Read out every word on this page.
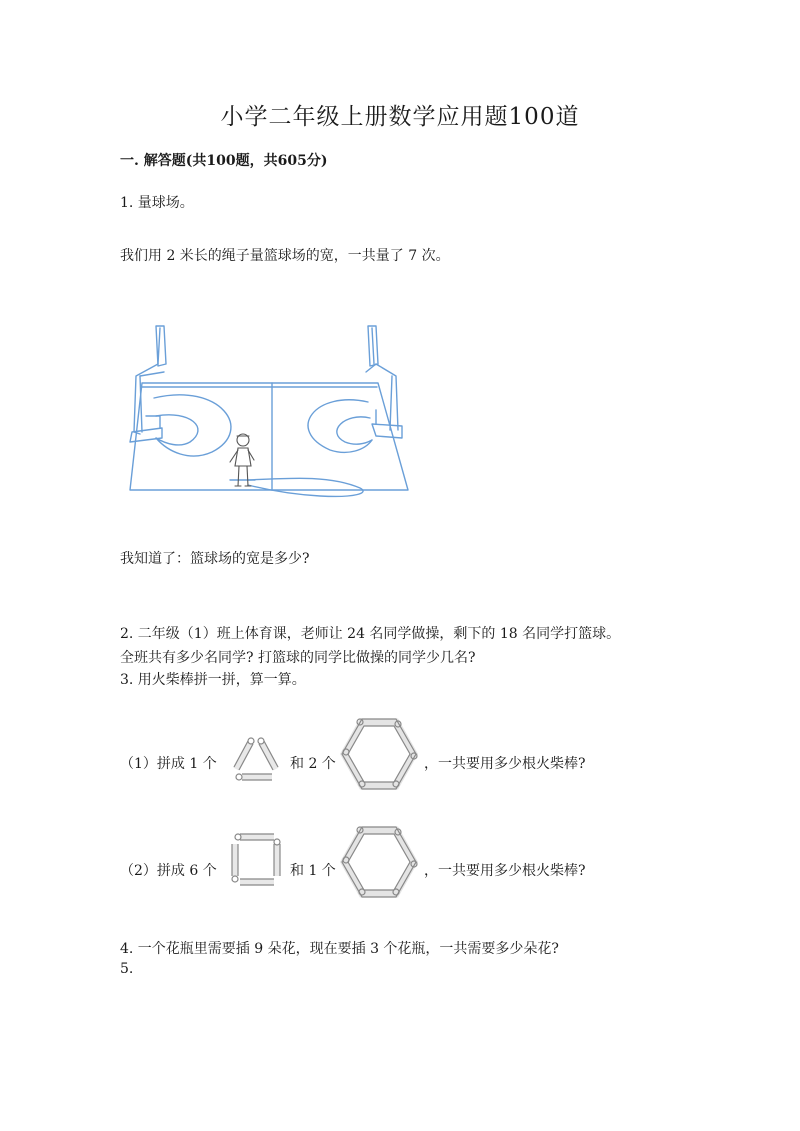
小学二年级上册数学应用题100道
一. 解答题(共100题，共605分)
1. 量球场。
我们用 2 米长的绳子量篮球场的宽，一共量了 7 次。
我知道了：篮球场的宽是多少?
2. 二年级（1）班上体育课，老师让 24 名同学做操，剩下的 18 名同学打篮球。
全班共有多少名同学? 打篮球的同学比做操的同学少几名?
3. 用火柴棒拼一拼，算一算。
（1）拼成 1 个	和 2 个	，一共要用多少根火柴棒?
（2）拼成 6 个	和 1 个	，一共要用多少根火柴棒?
4. 一个花瓶里需要插 9 朵花，现在要插 3 个花瓶，一共需要多少朵花?
5.
